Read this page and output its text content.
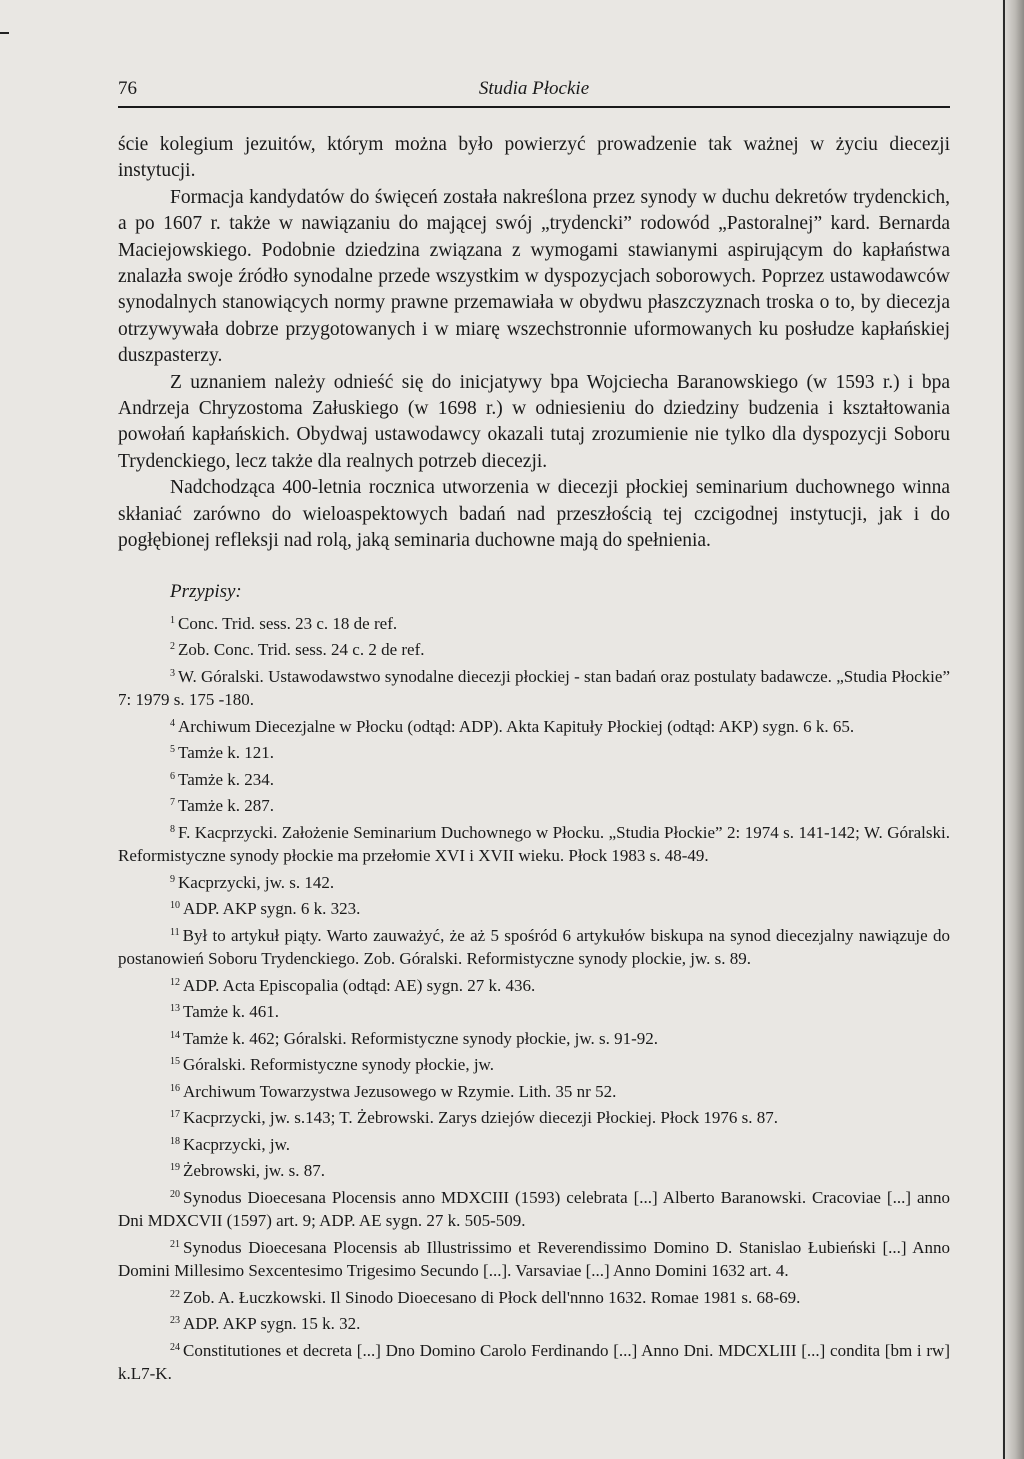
76	Studia Płockie

ście kolegium jezuitów, którym można było powierzyć prowadzenie tak ważnej w życiu diecezji instytucji.

Formacja kandydatów do święceń została nakreślona przez synody w duchu dekretów trydenckich, a po 1607 r. także w nawiązaniu do mającej swój „trydencki” rodowód „Pastoralnej” kard. Bernarda Maciejowskiego. Podobnie dziedzina związana z wymogami stawianymi aspirującym do kapłaństwa znalazła swoje źródło synodalne przede wszystkim w dyspozycjach soborowych. Poprzez ustawodawców synodalnych stanowiących normy prawne przemawiała w obydwu płaszczyznach troska o to, by diecezja otrzywywała dobrze przygotowanych i w miarę wszechstronnie uformowanych ku posłudze kapłańskiej duszpasterzy.

Z uznaniem należy odnieść się do inicjatywy bpa Wojciecha Baranowskiego (w 1593 r.) i bpa Andrzeja Chryzostoma Załuskiego (w 1698 r.) w odniesieniu do dziedziny budzenia i kształtowania powołań kapłańskich. Obydwaj ustawodawcy okazali tutaj zrozumienie nie tylko dla dyspozycji Soboru Trydenckiego, lecz także dla realnych potrzeb diecezji.

Nadchodząca 400-letnia rocznica utworzenia w diecezji płockiej seminarium duchownego winna skłaniać zarówno do wieloaspektowych badań nad przeszłością tej czcigodnej instytucji, jak i do pogłębionej refleksji nad rolą, jaką seminaria duchowne mają do spełnienia.

Przypisy:

$^1$ Conc. Trid. sess. 23 c. 18 de ref.

$^2$ Zob. Conc. Trid. sess. 24 c. 2 de ref.

$^3$ W. Góralski. Ustawodawstwo synodalne diecezji płockiej - stan badań oraz postulaty badawcze. „Studia Płockie” 7: 1979 s. 175 -180.

$^4$ Archiwum Diecezjalne w Płocku (odtąd: ADP). Akta Kapituły Płockiej (odtąd: AKP) sygn. 6 k. 65.

$^5$ Tamże k. 121.

$^6$ Tamże k. 234.

$^7$ Tamże k. 287.

$^8$ F. Kacprzycki. Założenie Seminarium Duchownego w Płocku. „Studia Płockie” 2: 1974 s. 141-142; W. Góralski. Reformistyczne synody płockie ma przełomie XVI i XVII wieku. Płock 1983 s. 48-49.

$^9$ Kacprzycki, jw. s. 142.

$^{10}$ ADP. AKP sygn. 6 k. 323.

$^{11}$ Był to artykuł piąty. Warto zauważyć, że aż 5 spośród 6 artykułów biskupa na synod diecezjalny nawiązuje do postanowień Soboru Trydenckiego. Zob. Góralski. Reformistyczne synody plockie, jw. s. 89.

$^{12}$ ADP. Acta Episcopalia (odtąd: AE) sygn. 27 k. 436.

$^{13}$ Tamże k. 461.

$^{14}$ Tamże k. 462; Góralski. Reformistyczne synody płockie, jw. s. 91-92.

$^{15}$ Góralski. Reformistyczne synody płockie, jw.

$^{16}$ Archiwum Towarzystwa Jezusowego w Rzymie. Lith. 35 nr 52.

$^{17}$ Kacprzycki, jw. s.143; T. Żebrowski. Zarys dziejów diecezji Płockiej. Płock 1976 s. 87.

$^{18}$ Kacprzycki, jw.

$^{19}$ Żebrowski, jw. s. 87.

$^{20}$ Synodus Dioecesana Plocensis anno MDXCIII (1593) celebrata [...] Alberto Baranowski. Cracoviae [...] anno Dni MDXCVII (1597) art. 9; ADP. AE sygn. 27 k. 505-509.

$^{21}$ Synodus Dioecesana Plocensis ab Illustrissimo et Reverendissimo Domino D. Stanislao Łubieński [...] Anno Domini Millesimo Sexcentesimo Trigesimo Secundo [...]. Varsaviae [...] Anno Domini 1632 art. 4.

$^{22}$ Zob. A. Łuczkowski. Il Sinodo Dioecesano di Płock dell'nnno 1632. Romae 1981 s. 68-69.

$^{23}$ ADP. AKP sygn. 15 k. 32.

$^{24}$ Constitutiones et decreta [...] Dno Domino Carolo Ferdinando [...] Anno Dni. MDCXLIII [...] condita [bm i rw] k.L7-K.
